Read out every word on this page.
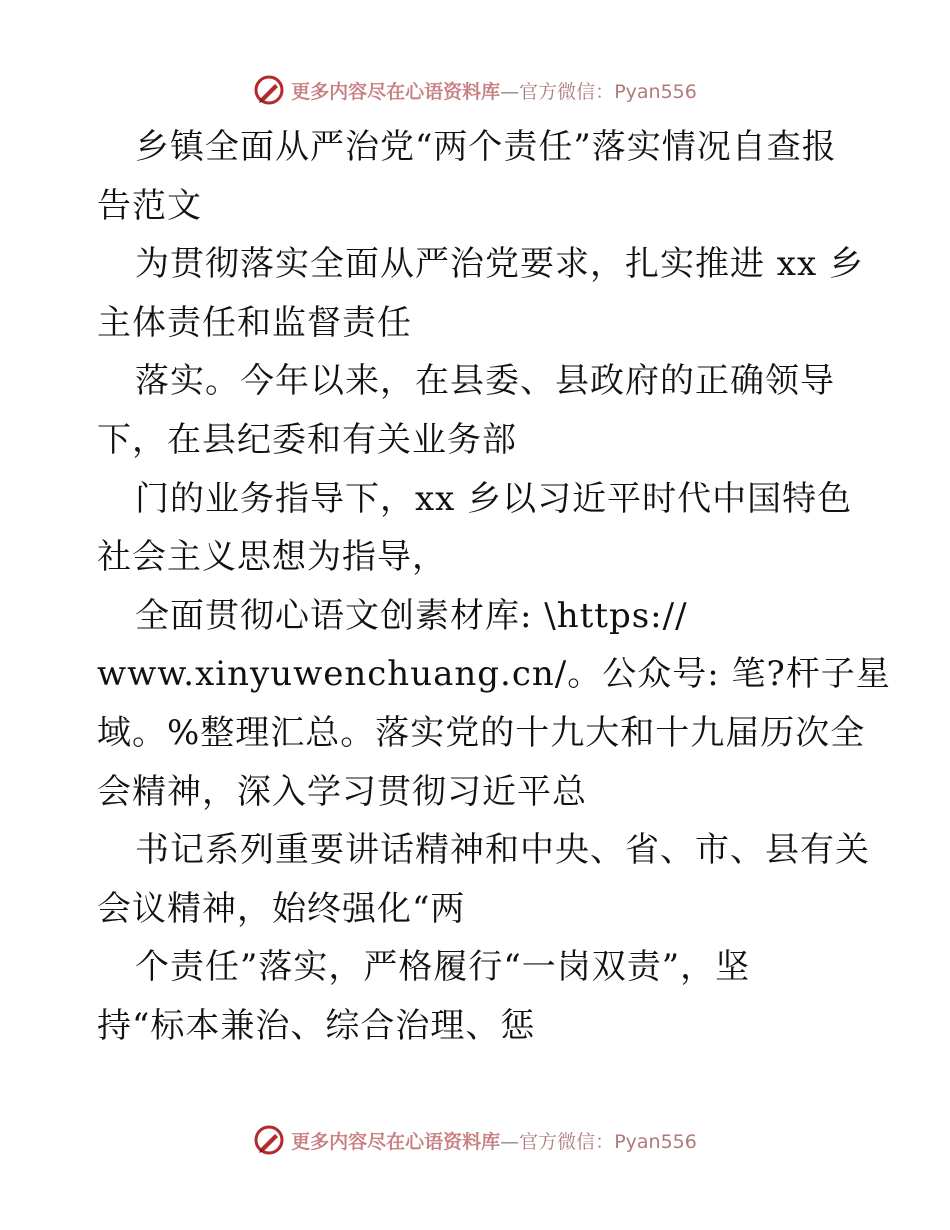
更多内容尽在心语资料库—官方微信：Pyan556
乡镇全面从严治党“两个责任”落实情况自查报
告范文
为贯彻落实全面从严治党要求，扎实推进 xx 乡
主体责任和监督责任
落实。今年以来，在县委、县政府的正确领导
下，在县纪委和有关业务部
门的业务指导下，xx 乡以习近平时代中国特色
社会主义思想为指导，
全面贯彻心语文创素材库: \https://
www.xinyuwenchuang.cn/。公众号: 笔?杆子星
域。%整理汇总。落实党的十九大和十九届历次全
会精神，深入学习贯彻习近平总
书记系列重要讲话精神和中央、省、市、县有关
会议精神，始终强化“两
个责任”落实，严格履行“一岗双责”，坚
持“标本兼治、综合治理、惩
更多内容尽在心语资料库—官方微信：Pyan556
